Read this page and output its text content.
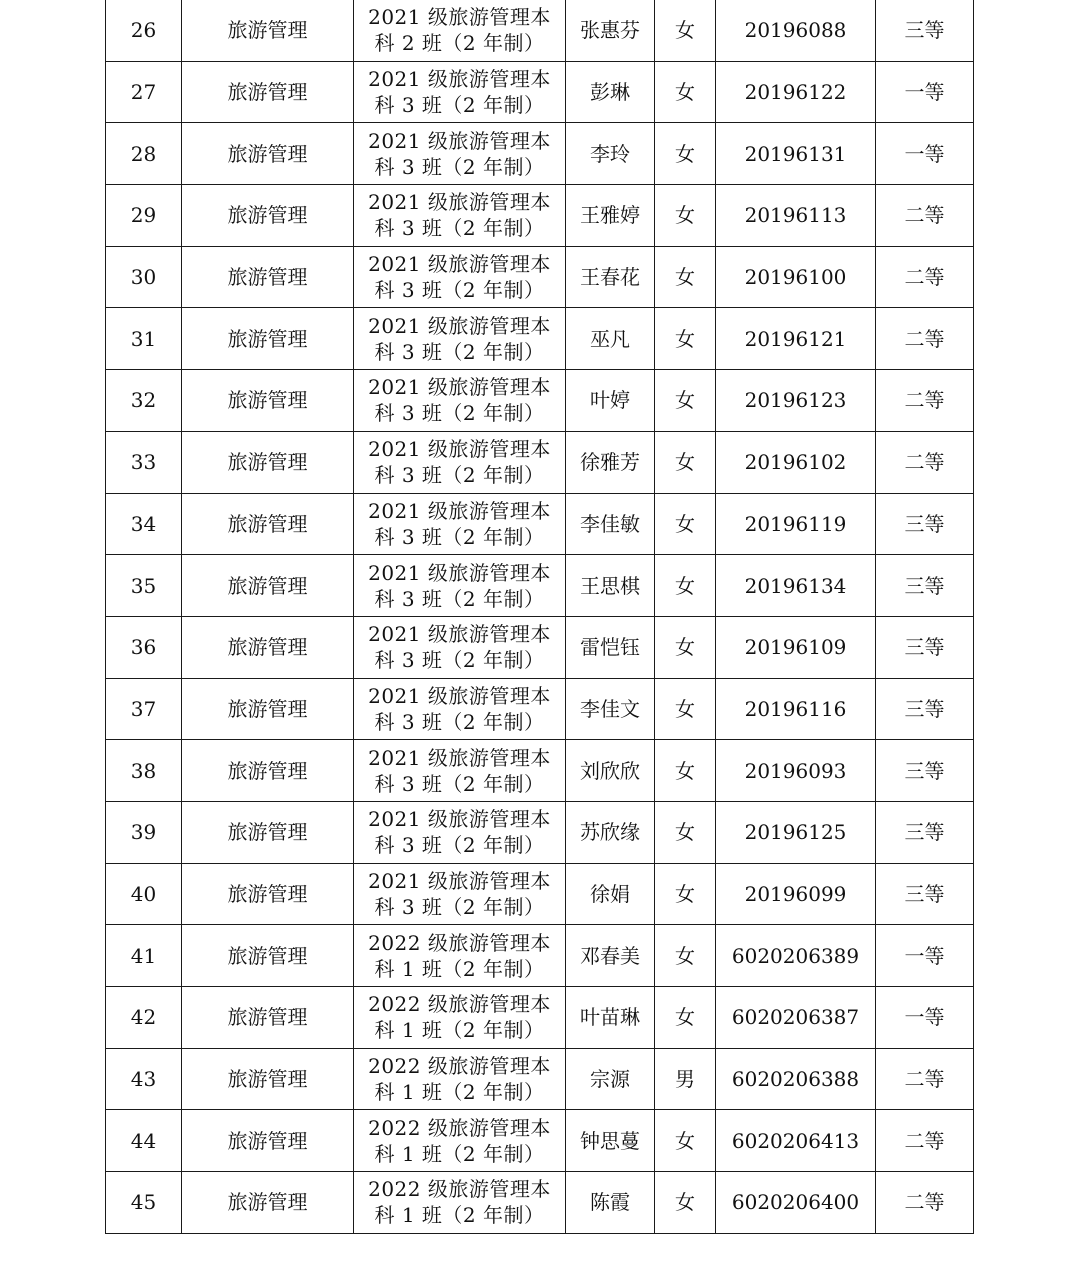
26	旅游管理	2021 级旅游管理本
科 2 班（2 年制）	张惠芬	女	20196088	三等
27	旅游管理	2021 级旅游管理本
科 3 班（2 年制）	彭琳	女	20196122	一等
28	旅游管理	2021 级旅游管理本
科 3 班（2 年制）	李玲	女	20196131	一等
29	旅游管理	2021 级旅游管理本
科 3 班（2 年制）	王雅婷	女	20196113	二等
30	旅游管理	2021 级旅游管理本
科 3 班（2 年制）	王春花	女	20196100	二等
31	旅游管理	2021 级旅游管理本
科 3 班（2 年制）	巫凡	女	20196121	二等
32	旅游管理	2021 级旅游管理本
科 3 班（2 年制）	叶婷	女	20196123	二等
33	旅游管理	2021 级旅游管理本
科 3 班（2 年制）	徐雅芳	女	20196102	二等
34	旅游管理	2021 级旅游管理本
科 3 班（2 年制）	李佳敏	女	20196119	三等
35	旅游管理	2021 级旅游管理本
科 3 班（2 年制）	王思棋	女	20196134	三等
36	旅游管理	2021 级旅游管理本
科 3 班（2 年制）	雷恺钰	女	20196109	三等
37	旅游管理	2021 级旅游管理本
科 3 班（2 年制）	李佳文	女	20196116	三等
38	旅游管理	2021 级旅游管理本
科 3 班（2 年制）	刘欣欣	女	20196093	三等
39	旅游管理	2021 级旅游管理本
科 3 班（2 年制）	苏欣缘	女	20196125	三等
40	旅游管理	2021 级旅游管理本
科 3 班（2 年制）	徐娟	女	20196099	三等
41	旅游管理	2022 级旅游管理本
科 1 班（2 年制）	邓春美	女	6020206389	一等
42	旅游管理	2022 级旅游管理本
科 1 班（2 年制）	叶苗琳	女	6020206387	一等
43	旅游管理	2022 级旅游管理本
科 1 班（2 年制）	宗源	男	6020206388	二等
44	旅游管理	2022 级旅游管理本
科 1 班（2 年制）	钟思蔓	女	6020206413	二等
45	旅游管理	2022 级旅游管理本
科 1 班（2 年制）	陈霞	女	6020206400	二等
